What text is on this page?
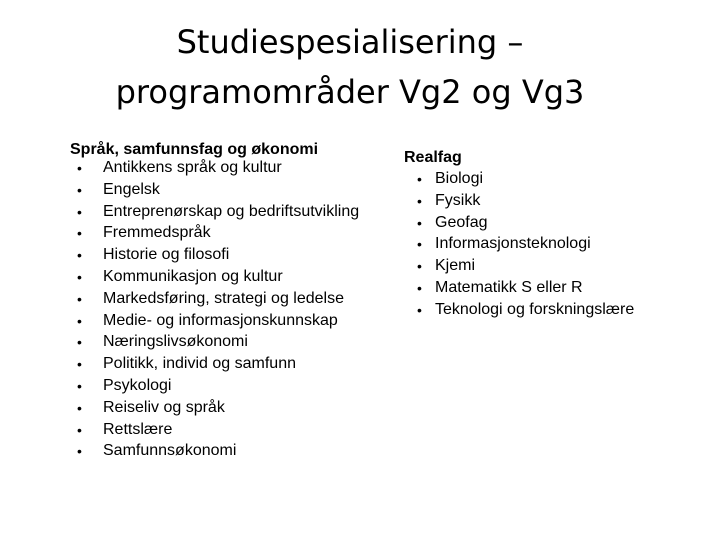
Studiespesialisering –
programområder Vg2 og Vg3

Språk, samfunnsfag og økonomi

• Antikkens språk og kultur
• Engelsk
• Entreprenørskap og bedriftsutvikling
• Fremmedspråk
• Historie og filosofi
• Kommunikasjon og kultur
• Markedsføring, strategi og ledelse
• Medie- og informasjonskunnskap
• Næringslivsøkonomi
• Politikk, individ og samfunn
• Psykologi
• Reiseliv og språk
• Rettslære
• Samfunnsøkonomi

Realfag

• Biologi
• Fysikk
• Geofag
• Informasjonsteknologi
• Kjemi
• Matematikk S eller R
• Teknologi og forskningslære
